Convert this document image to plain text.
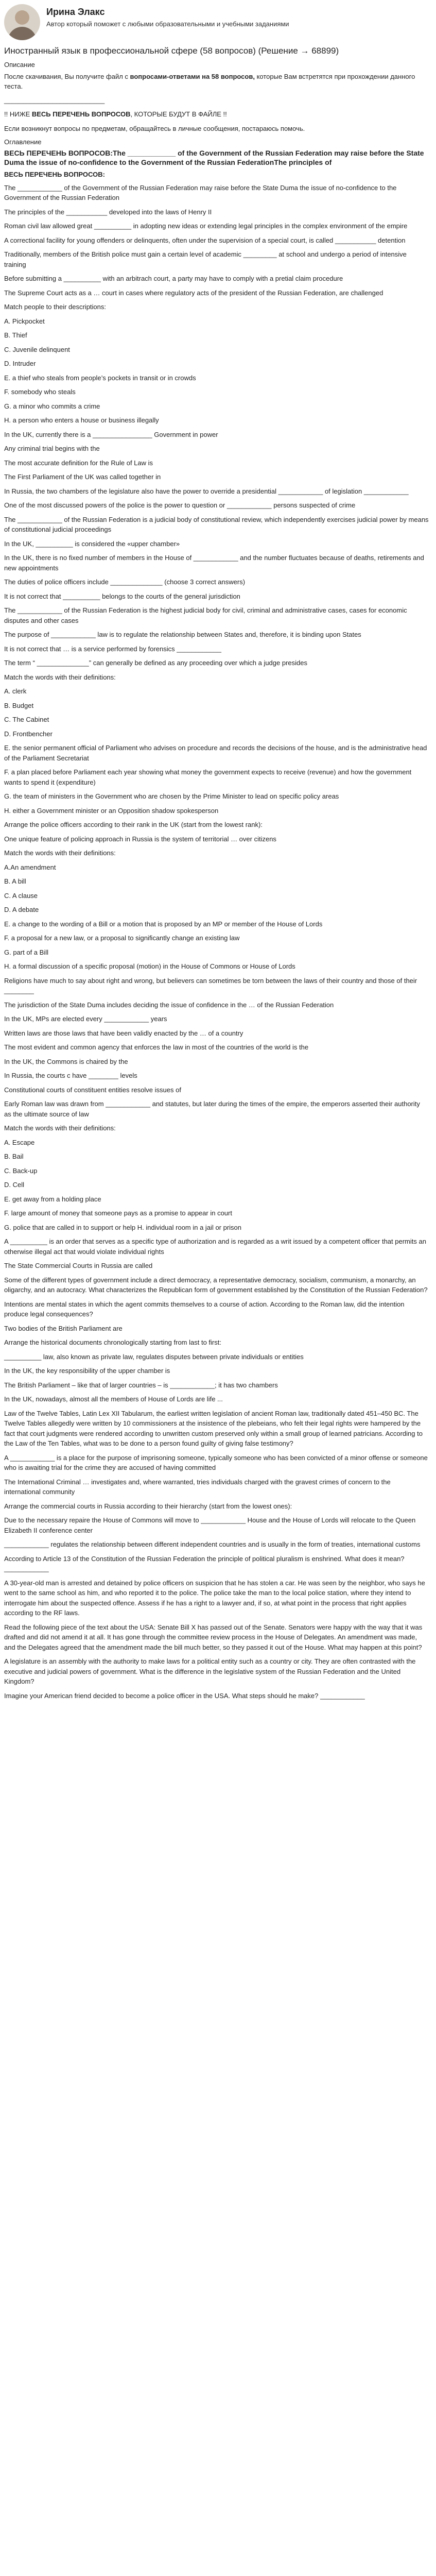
Ирина Элакс
Автор который поможет с любыми образовательными и учебными заданиями
Иностранный язык в профессиональной сфере (58 вопросов) (Решение → 68899)
Описание

После скачивания, Вы получите файл с вопросами-ответами на 58 вопросов, которые Вам встретятся при прохождении данного теста.

___________________________

!! НИЖЕ ВЕСЬ ПЕРЕЧЕНЬ ВОПРОСОВ, КОТОРЫЕ БУДУТ В ФАЙЛЕ !!

Если возникнут вопросы по предметам, обращайтесь в личные сообщения, постараюсь помочь.

Оглавление
ВЕСЬ ПЕРЕЧЕНЬ ВОПРОСОВ:The ____________ of the Government of the Russian Federation may raise before the State Duma the issue of no-confidence to the Government of the Russian FederationThe principles of
ВЕСЬ ПЕРЕЧЕНЬ ВОПРОСОВ:

The ____________ of the Government of the Russian Federation may raise before the State Duma the issue of no-confidence to the Government of the Russian Federation

The principles of the ___________ developed into the laws of Henry II

Roman civil law allowed great __________ in adopting new ideas or extending legal principles in the complex environment of the empire

A correctional facility for young offenders or delinquents, often under the supervision of a special court, is called ___________ detention

Traditionally, members of the British police must gain a certain level of academic _________ at school and undergo a period of intensive training

Before submitting a __________ with an arbitrach court, a party may have to comply with a pretial claim procedure

The Supreme Court acts as a … court in cases where regulatory acts of the president of the Russian Federation, are challenged

Match people to their descriptions:

A. Pickpocket

B. Thief

C. Juvenile delinquent

D. Intruder

E. a thief who steals from people’s pockets in transit or in crowds

F. somebody who steals

G. a minor who commits a crime

H. a person who enters a house or business illegally

In the UK, currently there is a ________________ Government in power

Any criminal trial begins with the

The most accurate definition for the Rule of Law is

The First Parliament of the UK was called together in

In Russia, the two chambers of the legislature also have the power to override a presidential ____________ of legislation ____________

One of the most discussed powers of the police is the power to question or ____________ persons suspected of crime

The ____________ of the Russian Federation is a judicial body of constitutional review, which independently exercises judicial power by means of constitutional judicial proceedings

In the UK, __________ is considered the «upper chamber»

In the UK, there is no fixed number of members in the House of ____________ and the number fluctuates because of deaths, retirements and new appointments

The duties of police officers include ______________ (choose 3 correct answers)

It is not correct that __________ belongs to the courts of the general jurisdiction

The ____________ of the Russian Federation is the highest judicial body for civil, criminal and administrative cases, cases for economic disputes and other cases

The purpose of ____________ law is to regulate the relationship between States and, therefore, it is binding upon States

It is not correct that … is a service performed by forensics ____________

The term “ ______________” can generally be defined as any proceeding over which a judge presides

Match the words with their definitions:

A. clerk

B. Budget

C. The Cabinet

D. Frontbencher

E. the senior permanent official of Parliament who advises on procedure and records the decisions of the house, and is the administrative head of the Parliament Secretariat

F. a plan placed before Parliament each year showing what money the government expects to receive (revenue) and how the government wants to spend it (expenditure)

G. the team of ministers in the Government who are chosen by the Prime Minister to lead on specific policy areas

H. either a Government minister or an Opposition shadow spokesperson

Arrange the police officers according to their rank in the UK (start from the lowest rank):

One unique feature of policing approach in Russia is the system of territorial … over citizens

Match the words with their definitions:

A.An amendment

B. A bill

C. A clause

D. A debate

E. a change to the wording of a Bill or a motion that is proposed by an MP or member of the House of Lords

F. a proposal for a new law, or a proposal to significantly change an existing law

G. part of a Bill

H. a formal discussion of a specific proposal (motion) in the House of Commons or House of Lords

Religions have much to say about right and wrong, but believers can sometimes be torn between the laws of their country and those of their ________

The jurisdiction of the State Duma includes deciding the issue of confidence in the … of the Russian Federation

In the UK, MPs are elected every ____________ years

Written laws are those laws that have been validly enacted by the … of a country

The most evident and common agency that enforces the law in most of the countries of the world is the

In the UK, the Commons is chaired by the

In Russia, the courts c have ________ levels

Constitutional courts of constituent entities resolve issues of

Early Roman law was drawn from ____________ and statutes, but later during the times of the empire, the emperors asserted their authority as the ultimate source of law

Match the words with their definitions:

A. Escape

B. Bail

C. Back-up

D. Cell

E. get away from a holding place

F. large amount of money that someone pays as a promise to appear in court

G. police that are called in to support or help H. individual room in a jail or prison

A __________ is an order that serves as a specific type of authorization and is regarded as a writ issued by a competent officer that permits an otherwise illegal act that would violate individual rights

The State Commercial Courts in Russia are called

Some of the different types of government include a direct democracy, a representative democracy, socialism, communism, a monarchy, an oligarchy, and an autocracy. What characterizes the Republican form of government established by the Constitution of the Russian Federation?

Intentions are mental states in which the agent commits themselves to a course of action. According to the Roman law, did the intention produce legal consequences?

Two bodies of the British Parliament are

Arrange the historical documents chronologically starting from last to first:

__________ law, also known as private law, regulates disputes between private individuals or entities

In the UK, the key responsibility of the upper chamber is

The British Parliament – like that of larger countries – is ____________; it has two chambers

In the UK, nowadays, almost all the members of House of Lords are life ...

Law of the Twelve Tables, Latin Lex XII Tabularum, the earliest written legislation of ancient Roman law, traditionally dated 451–450 BC. The Twelve Tables allegedly were written by 10 commissioners at the insistence of the plebeians, who felt their legal rights were hampered by the fact that court judgments were rendered according to unwritten custom preserved only within a small group of learned patricians. According to the Law of the Ten Tables, what was to be done to a person found guilty of giving false testimony?

A ____________ is a place for the purpose of imprisoning someone, typically someone who has been convicted of a minor offense or someone who is awaiting trial for the crime they are accused of having committed

The International Criminal … investigates and, where warranted, tries individuals charged with the gravest crimes of concern to the international community

Arrange the commercial courts in Russia according to their hierarchy (start from the lowest ones):

Due to the necessary repaire the House of Commons will move to ____________ House and the House of Lords will relocate to the Queen Elizabeth II conference center

____________ regulates the relationship between different independent countries and is usually in the form of treaties, international customs

According to Article 13 of the Constitution of the Russian Federation the principle of political pluralism is enshrined. What does it mean? ____________

A 30-year-old man is arrested and detained by police officers on suspicion that he has stolen a car. He was seen by the neighbor, who says he went to the same school as him, and who reported it to the police. The police take the man to the local police station, where they intend to interrogate him about the suspected offence. Assess if he has a right to a lawyer and, if so, at what point in the process that right applies according to the RF laws.

Read the following piece of the text about the USA: Senate Bill X has passed out of the Senate. Senators were happy with the way that it was drafted and did not amend it at all. It has gone through the committee review process in the House of Delegates. An amendment was made, and the Delegates agreed that the amendment made the bill much better, so they passed it out of the House. What may happen at this point?

A legislature is an assembly with the authority to make laws for a political entity such as a country or city. They are often contrasted with the executive and judicial powers of government. What is the difference in the legislative system of the Russian Federation and the United Kingdom?

Imagine your American friend decided to become a police officer in the USA. What steps should he make? ____________
